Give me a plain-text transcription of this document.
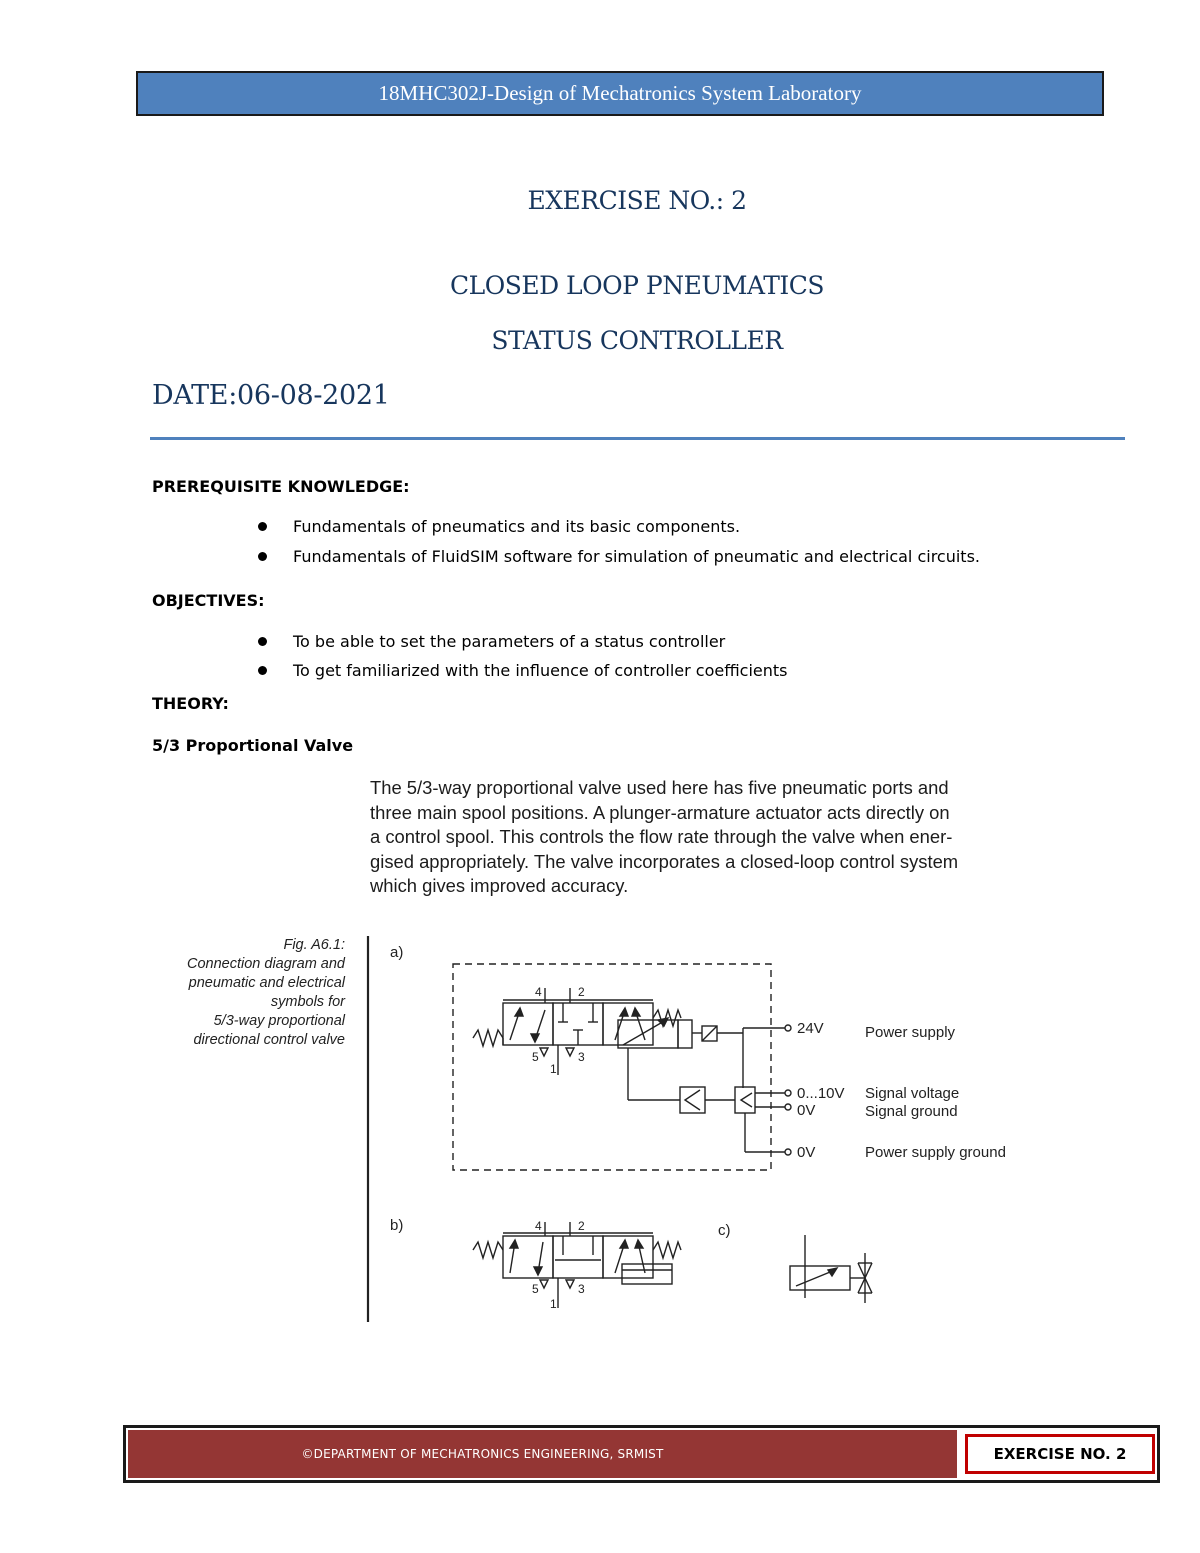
18MHC302J-Design of Mechatronics System Laboratory
EXERCISE NO.: 2
CLOSED LOOP PNEUMATICS
STATUS CONTROLLER
DATE:06-08-2021
PREREQUISITE KNOWLEDGE:
Fundamentals of pneumatics and its basic components.
Fundamentals of FluidSIM software for simulation of pneumatic and electrical circuits.
OBJECTIVES:
To be able to set the parameters of a status controller
To get familiarized with the influence of controller coefficients
THEORY:
5/3 Proportional Valve
The 5/3-way proportional valve used here has five pneumatic ports and
three main spool positions. A plunger-armature actuator acts directly on
a control spool. This controls the flow rate through the valve when ener-
gised appropriately. The valve incorporates a closed-loop control system
which gives improved accuracy.
Fig. A6.1:
Connection diagram and
pneumatic and electrical
symbols for
5/3-way proportional
directional control valve
a)
b)	c)
4	2
5
1
3
24V	Power supply
0...10V Signal voltage
0V	Signal ground
0V	Power supply ground
4	2
5
1
3
©DEPARTMENT OF MECHATRONICS ENGINEERING, SRMIST	EXERCISE NO. 2
